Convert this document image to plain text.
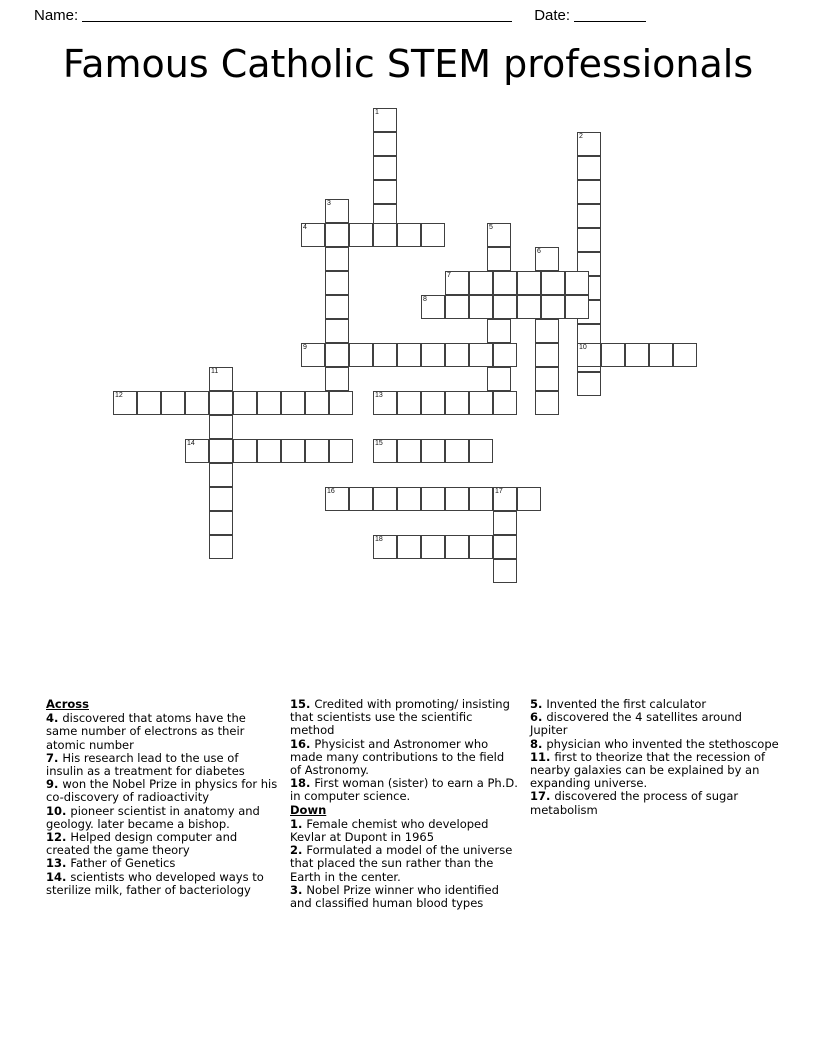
Name:	Date:
Famous Catholic STEM professionals
1
2
3
4	5
6
7
8
9	10
11
12	13
14	15
16	17
18
Across
4. discovered that atoms have the same number of electrons as their atomic number
7. His research lead to the use of insulin as a treatment for diabetes
9. won the Nobel Prize in physics for his co-discovery of radioactivity
10. pioneer scientist in anatomy and geology. later became a bishop.
12. Helped design computer and created the game theory
13. Father of Genetics
14. scientists who developed ways to sterilize milk, father of bacteriology
15. Credited with promoting/ insisting that scientists use the scientific method
16. Physicist and Astronomer who made many contributions to the field of Astronomy.
18. First woman (sister) to earn a Ph.D. in computer science.
Down
1. Female chemist who developed Kevlar at Dupont in 1965
2. Formulated a model of the universe that placed the sun rather than the Earth in the center.
3. Nobel Prize winner who identified and classified human blood types
5. Invented the first calculator
6. discovered the 4 satellites around Jupiter
8. physician who invented the stethoscope
11. first to theorize that the recession of nearby galaxies can be explained by an expanding universe.
17. discovered the process of sugar metabolism
